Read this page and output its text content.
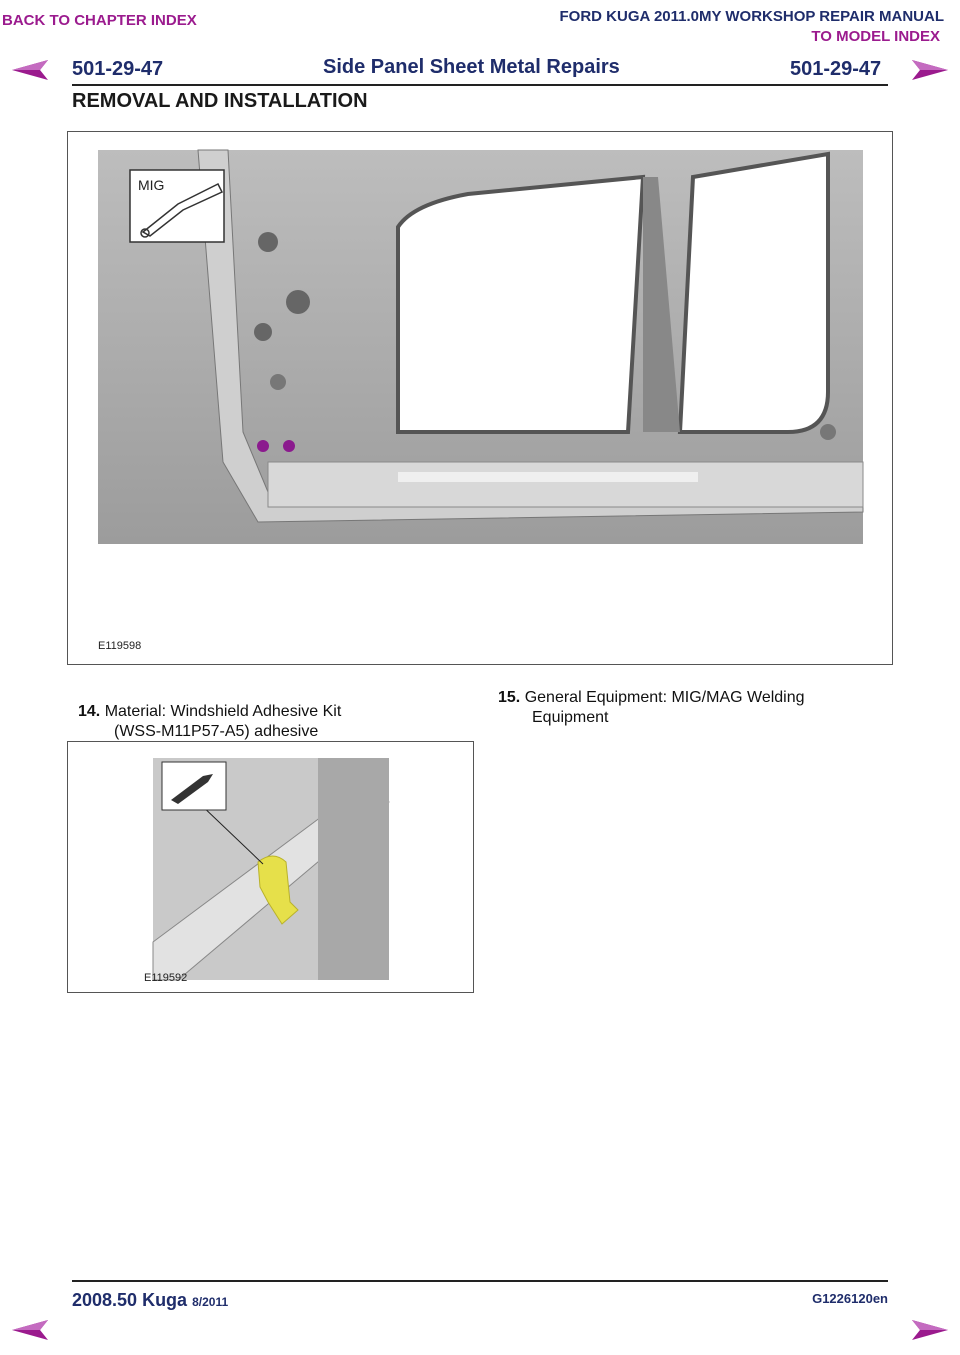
BACK TO CHAPTER INDEX	FORD KUGA 2011.0MY WORKSHOP REPAIR MANUAL
TO MODEL INDEX
501-29-47	Side Panel Sheet Metal Repairs	501-29-47
REMOVAL AND INSTALLATION
MIG
E119598
14. Material: Windshield Adhesive Kit
(WSS-M11P57-A5) adhesive
15. General Equipment: MIG/MAG Welding
Equipment
E119592
2008.50 Kuga 8/2011	G1226120en
